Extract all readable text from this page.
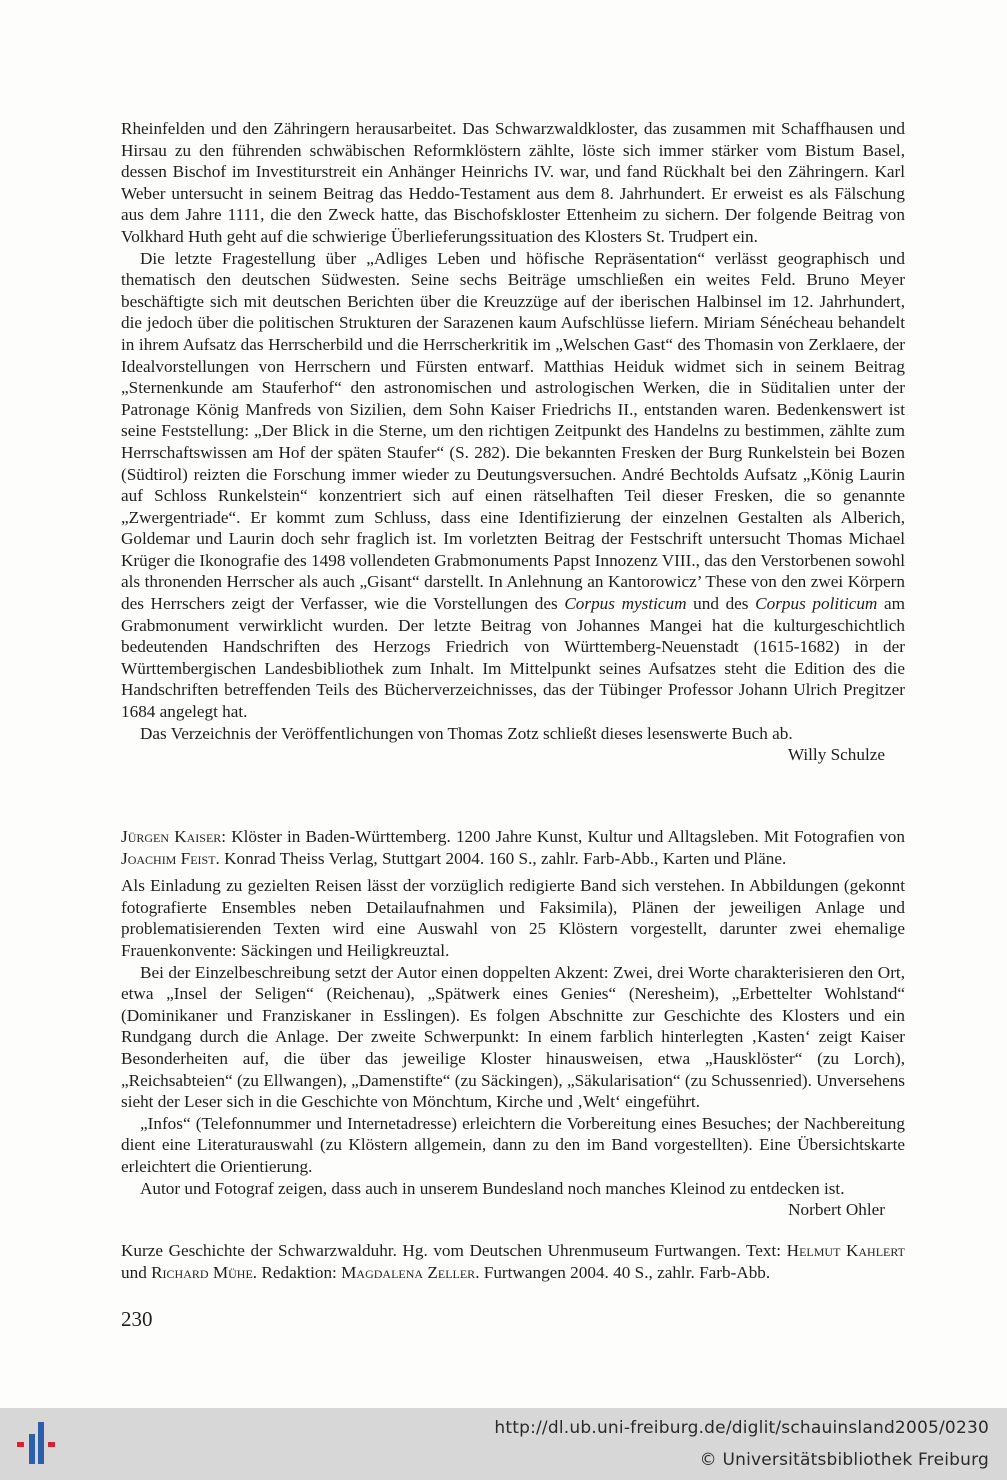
Rheinfelden und den Zähringern herausarbeitet. Das Schwarzwaldkloster, das zusammen mit Schaffhausen und Hirsau zu den führenden schwäbischen Reformklöstern zählte, löste sich immer stärker vom Bistum Basel, dessen Bischof im Investiturstreit ein Anhänger Heinrichs IV. war, und fand Rückhalt bei den Zähringern. Karl Weber untersucht in seinem Beitrag das Heddo-Testament aus dem 8. Jahrhundert. Er erweist es als Fälschung aus dem Jahre 1111, die den Zweck hatte, das Bischofskloster Ettenheim zu sichern. Der folgende Beitrag von Volkhard Huth geht auf die schwierige Überlieferungssituation des Klosters St. Trudpert ein.

Die letzte Fragestellung über „Adliges Leben und höfische Repräsentation“ verlässt geographisch und thematisch den deutschen Südwesten. Seine sechs Beiträge umschließen ein weites Feld. Bruno Meyer beschäftigte sich mit deutschen Berichten über die Kreuzzüge auf der iberischen Halbinsel im 12. Jahrhundert, die jedoch über die politischen Strukturen der Sarazenen kaum Aufschlüsse liefern. Miriam Sénécheau behandelt in ihrem Aufsatz das Herrscherbild und die Herrscherkritik im „Welschen Gast“ des Thomasin von Zerklaere, der Idealvorstellungen von Herrschern und Fürsten entwarf. Matthias Heiduk widmet sich in seinem Beitrag „Sternenkunde am Stauferhof“ den astronomischen und astrologischen Werken, die in Süditalien unter der Patronage König Manfreds von Sizilien, dem Sohn Kaiser Friedrichs II., entstanden waren. Bedenkenswert ist seine Feststellung: „Der Blick in die Sterne, um den richtigen Zeitpunkt des Handelns zu bestimmen, zählte zum Herrschaftswissen am Hof der späten Staufer“ (S. 282). Die bekannten Fresken der Burg Runkelstein bei Bozen (Südtirol) reizten die Forschung immer wieder zu Deutungsversuchen. André Bechtolds Aufsatz „König Laurin auf Schloss Runkelstein“ konzentriert sich auf einen rätselhaften Teil dieser Fresken, die so genannte „Zwergentriade“. Er kommt zum Schluss, dass eine Identifizierung der einzelnen Gestalten als Alberich, Goldemar und Laurin doch sehr fraglich ist. Im vorletzten Beitrag der Festschrift untersucht Thomas Michael Krüger die Ikonografie des 1498 vollendeten Grabmonuments Papst Innozenz VIII., das den Verstorbenen sowohl als thronenden Herrscher als auch „Gisant“ darstellt. In Anlehnung an Kantorowicz’ These von den zwei Körpern des Herrschers zeigt der Verfasser, wie die Vorstellungen des Corpus mysticum und des Corpus politicum am Grabmonument verwirklicht wurden. Der letzte Beitrag von Johannes Mangei hat die kulturgeschichtlich bedeutenden Handschriften des Herzogs Friedrich von Württemberg-Neuenstadt (1615-1682) in der Württembergischen Landesbibliothek zum Inhalt. Im Mittelpunkt seines Aufsatzes steht die Edition des die Handschriften betreffenden Teils des Bücherverzeichnisses, das der Tübinger Professor Johann Ulrich Pregitzer 1684 angelegt hat.

Das Verzeichnis der Veröffentlichungen von Thomas Zotz schließt dieses lesenswerte Buch ab.

Willy Schulze

Jürgen Kaiser: Klöster in Baden-Württemberg. 1200 Jahre Kunst, Kultur und Alltagsleben. Mit Fotografien von Joachim Feist. Konrad Theiss Verlag, Stuttgart 2004. 160 S., zahlr. Farb-Abb., Karten und Pläne.

Als Einladung zu gezielten Reisen lässt der vorzüglich redigierte Band sich verstehen. In Abbildungen (gekonnt fotografierte Ensembles neben Detailaufnahmen und Faksimila), Plänen der jeweiligen Anlage und problematisierenden Texten wird eine Auswahl von 25 Klöstern vorgestellt, darunter zwei ehemalige Frauenkonvente: Säckingen und Heiligkreuztal.

Bei der Einzelbeschreibung setzt der Autor einen doppelten Akzent: Zwei, drei Worte charakterisieren den Ort, etwa „Insel der Seligen“ (Reichenau), „Spätwerk eines Genies“ (Neresheim), „Erbettelter Wohlstand“ (Dominikaner und Franziskaner in Esslingen). Es folgen Abschnitte zur Geschichte des Klosters und ein Rundgang durch die Anlage. Der zweite Schwerpunkt: In einem farblich hinterlegten ‚Kasten‘ zeigt Kaiser Besonderheiten auf, die über das jeweilige Kloster hinausweisen, etwa „Hausklöster“ (zu Lorch), „Reichsabteien“ (zu Ellwangen), „Damenstifte“ (zu Säckingen), „Säkularisation“ (zu Schussenried). Unversehens sieht der Leser sich in die Geschichte von Mönchtum, Kirche und ‚Welt‘ eingeführt.

„Infos“ (Telefonnummer und Internetadresse) erleichtern die Vorbereitung eines Besuches; der Nachbereitung dient eine Literaturauswahl (zu Klöstern allgemein, dann zu den im Band vorgestellten). Eine Übersichtskarte erleichtert die Orientierung.

Autor und Fotograf zeigen, dass auch in unserem Bundesland noch manches Kleinod zu entdecken ist.

Norbert Ohler

Kurze Geschichte der Schwarzwalduhr. Hg. vom Deutschen Uhrenmuseum Furtwangen. Text: Helmut Kahlert und Richard Mühe. Redaktion: Magdalena Zeller. Furtwangen 2004. 40 S., zahlr. Farb-Abb.

230
http://dl.ub.uni-freiburg.de/diglit/schauinsland2005/0230
© Universitätsbibliothek Freiburg
